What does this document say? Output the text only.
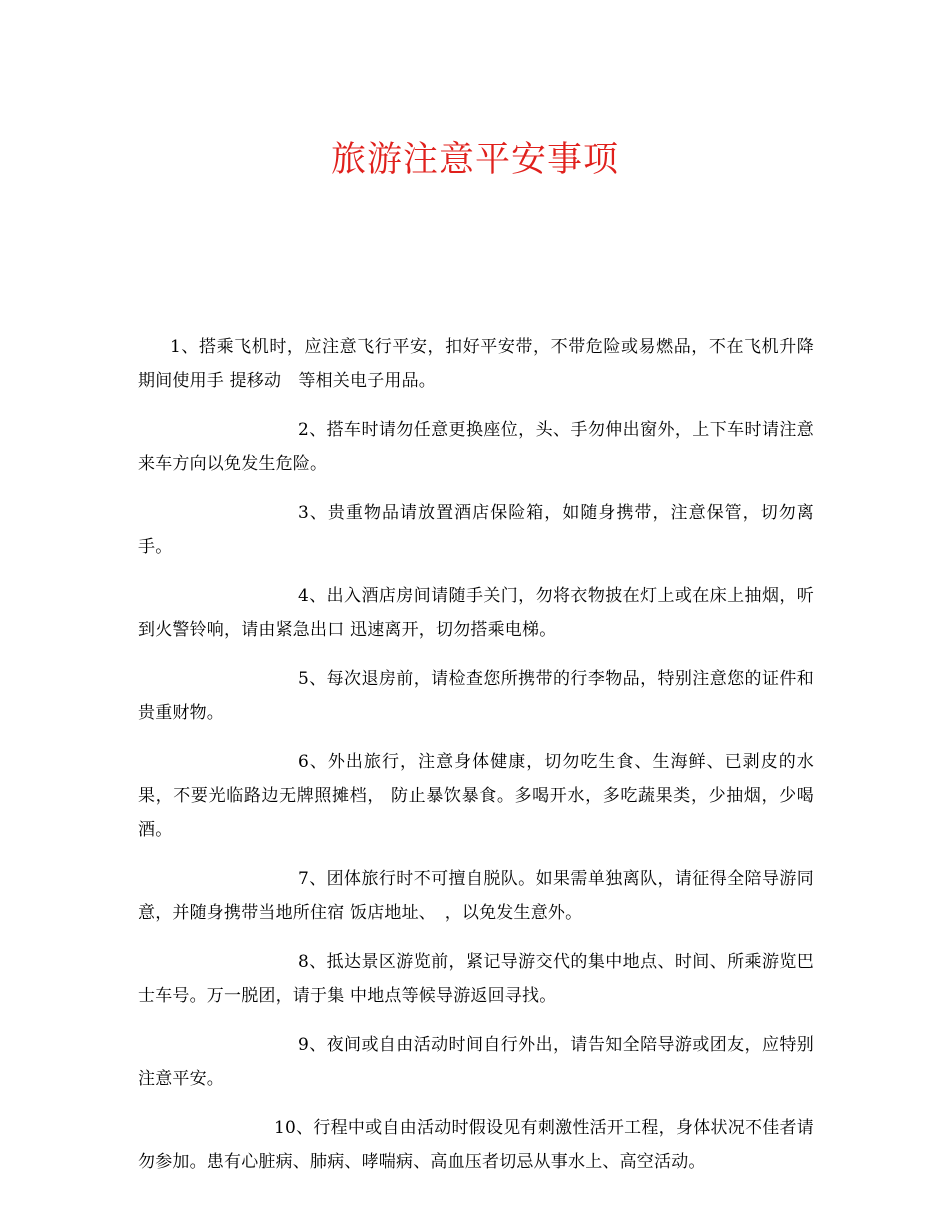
旅游注意平安事项

1、搭乘飞机时，应注意飞行平安，扣好平安带，不带危险或易燃品，不在飞机升降期间使用手 提移动　等相关电子用品。

2、搭车时请勿任意更换座位，头、手勿伸出窗外，上下车时请注意来车方向以免发生危险。

3、贵重物品请放置酒店保险箱，如随身携带，注意保管，切勿离手。

4、出入酒店房间请随手关门，勿将衣物披在灯上或在床上抽烟，听到火警铃响，请由紧急出口 迅速离开，切勿搭乘电梯。

5、每次退房前，请检查您所携带的行李物品，特别注意您的证件和贵重财物。

6、外出旅行，注意身体健康，切勿吃生食、生海鲜、已剥皮的水果，不要光临路边无牌照摊档， 防止暴饮暴食。多喝开水，多吃蔬果类，少抽烟，少喝酒。

7、团体旅行时不可擅自脱队。如果需单独离队，请征得全陪导游同意，并随身携带当地所住宿 饭店地址、　，以免发生意外。

8、抵达景区游览前，紧记导游交代的集中地点、时间、所乘游览巴士车号。万一脱团，请于集 中地点等候导游返回寻找。

9、夜间或自由活动时间自行外出，请告知全陪导游或团友，应特别注意平安。

10、行程中或自由活动时假设见有刺激性活开工程，身体状况不佳者请勿参加。患有心脏病、肺病、哮喘病、高血压者切忌从事水上、高空活动。
